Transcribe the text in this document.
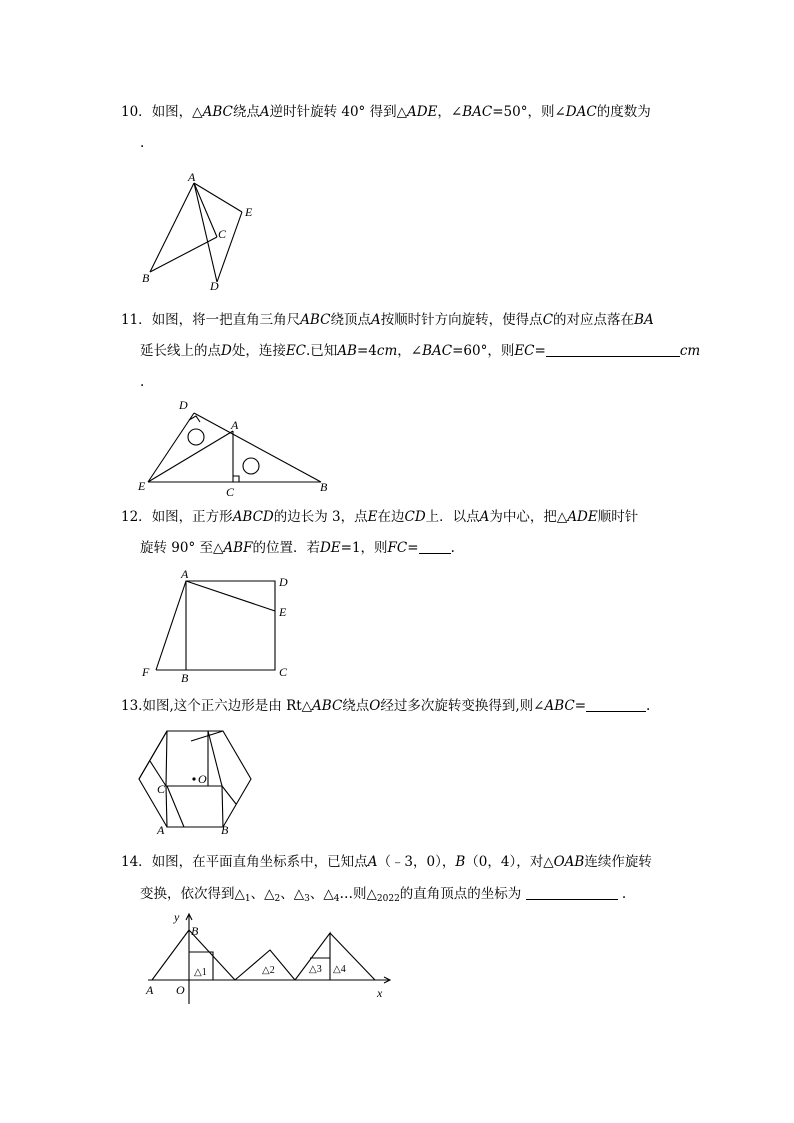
10．如图，△ABC绕点A逆时针旋转 40° 得到△ADE，∠BAC=50°，则∠DAC的度数为
.
A
B
C
D
E
11．如图，将一把直角三角尺ABC绕顶点A按顺时针方向旋转，使得点C的对应点落在BA
延长线上的点D处，连接EC.已知AB=4cm，∠BAC=60°，则EC=	cm
.
D
A
E	C	B
12．如图，正方形ABCD的边长为 3，点E在边CD上．以点A为中心，把△ADE顺时针
旋转 90° 至△ABF的位置．若DE=1，则FC= .
A
D
E
C
F	B
13.如图,这个正六边形是由 Rt△ABC绕点O经过多次旋转变换得到,则∠ABC=	.
O
C
A	B
14．如图，在平面直角坐标系中，已知点A（﹣3，0），B（0，4），对△OAB连续作旋转
变换，依次得到$\triangle_1$、$\triangle_2$、$\triangle_3$、$\triangle_4\dots$则$\triangle_{2022}$的直角顶点的坐标为	.
y
x
A O
B
△1	△2	△3 △4
